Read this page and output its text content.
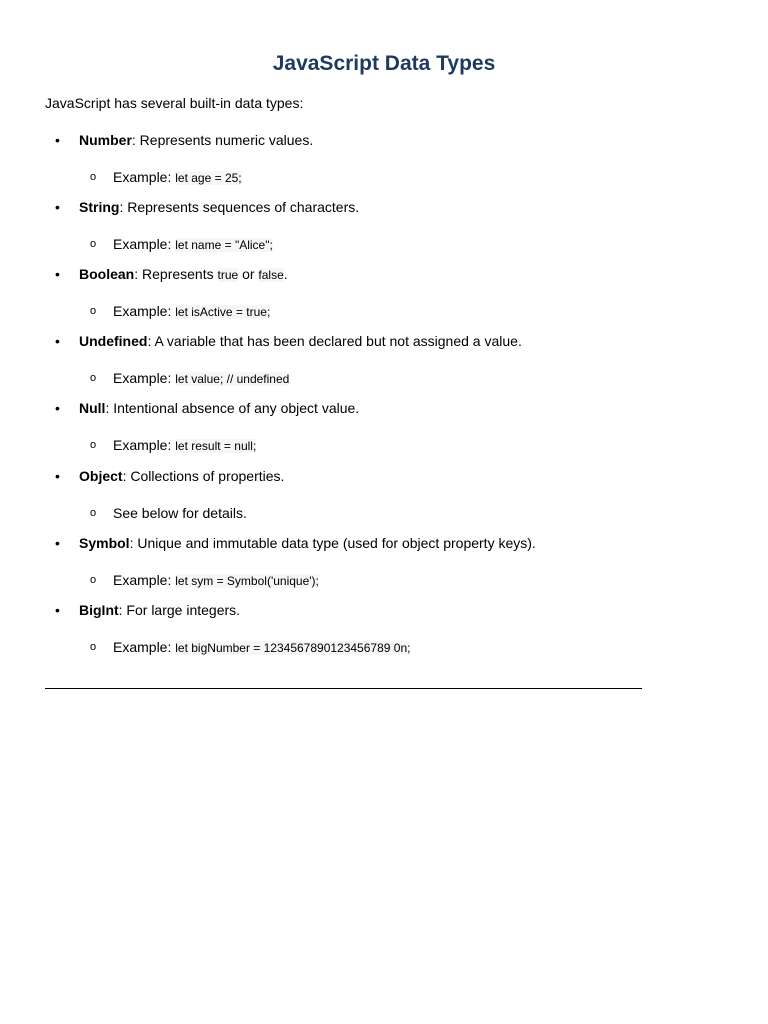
JavaScript Data Types

JavaScript has several built-in data types:

• Number: Represents numeric values.
o Example: let age = 25;
• String: Represents sequences of characters.
o Example: let name = "Alice";
• Boolean: Represents true or false.
o Example: let isActive = true;
• Undefined: A variable that has been declared but not assigned a value.
o Example: let value; // undefined
• Null: Intentional absence of any object value.
o Example: let result = null;
• Object: Collections of properties.
o See below for details.
• Symbol: Unique and immutable data type (used for object property keys).
o Example: let sym = Symbol('unique');
• BigInt: For large integers.
o Example: let bigNumber = 1234567890123456789 0n;
